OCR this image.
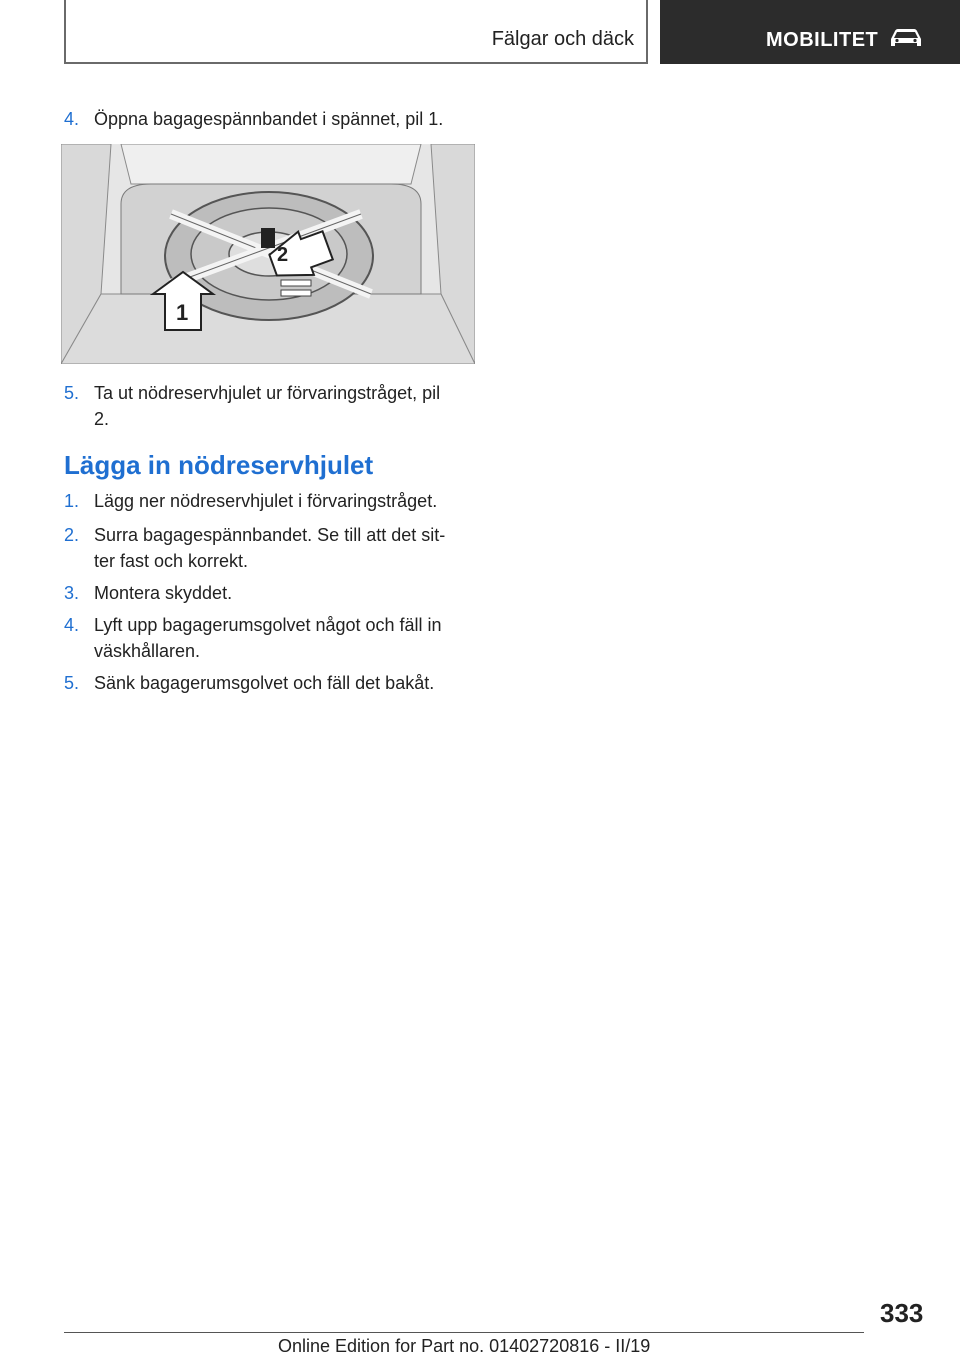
Fälgar och däck	MOBILITET
4. Öppna bagagespännbandet i spännet, pil 1.
1
2
5. Ta ut nödreservhjulet ur förvaringstråget, pil 2.
Lägga in nödreservhjulet
1. Lägg ner nödreservhjulet i förvaringstråget.
2. Surra bagagespännbandet. Se till att det sit‐ter fast och korrekt.
3. Montera skyddet.
4. Lyft upp bagagerumsgolvet något och fäll in väskhållaren.
5. Sänk bagagerumsgolvet och fäll det bakåt.
333
Online Edition for Part no. 01402720816 - II/19
